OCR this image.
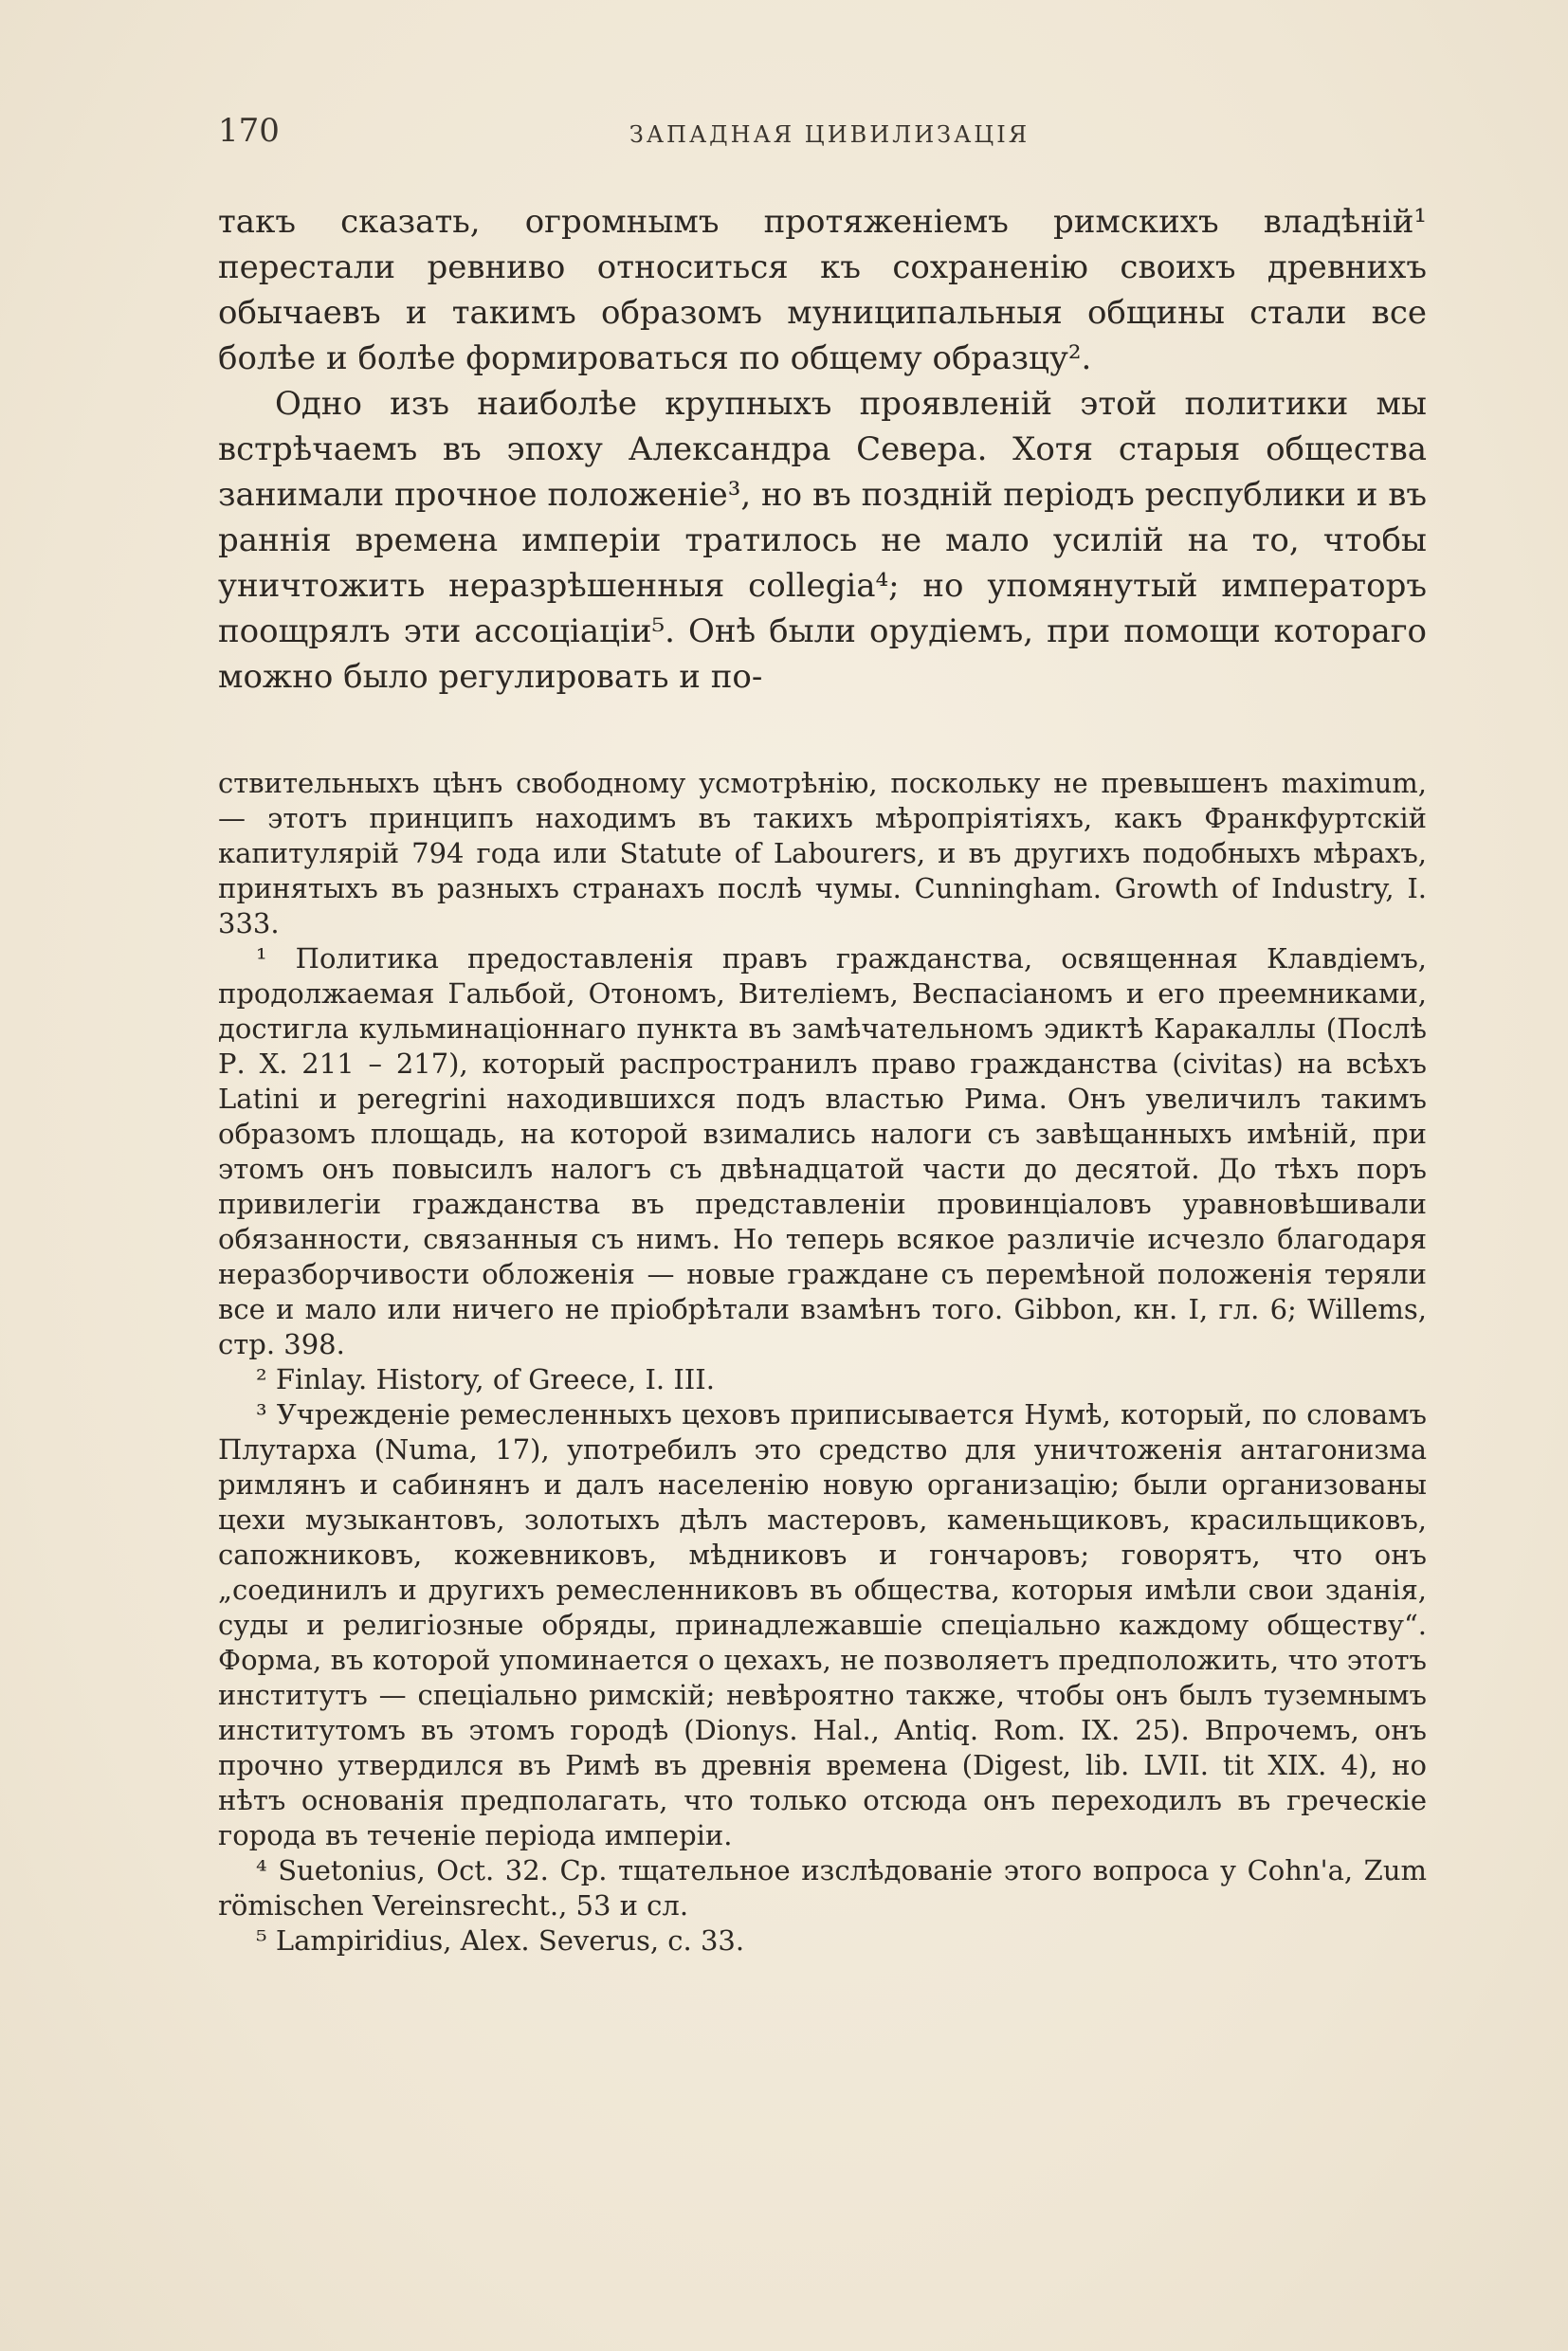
170	ЗАПАДНАЯ ЦИВИЛИЗАЦІЯ

такъ сказать, огромнымъ протяженіемъ римскихъ владѣній¹ перестали ревниво относиться къ сохраненію своихъ древнихъ обычаевъ и такимъ образомъ муниципальныя общины стали все болѣе и болѣе формироваться по общему образцу².

Одно изъ наиболѣе крупныхъ проявленій этой политики мы встрѣчаемъ въ эпоху Александра Севера. Хотя старыя общества занимали прочное положеніе³, но въ поздній періодъ республики и въ раннія времена имперіи тратилось не мало усилій на то, чтобы уничтожить неразрѣшенныя collegia⁴; но упомянутый императоръ поощрялъ эти ассоціаціи⁵. Онѣ были орудіемъ, при помощи котораго можно было регулировать и по-

ствительныхъ цѣнъ свободному усмотрѣнію, поскольку не превышенъ maximum, — этотъ принципъ находимъ въ такихъ мѣропріятіяхъ, какъ Франкфуртскій капитулярій 794 года или Statute of Labourers, и въ другихъ подобныхъ мѣрахъ, принятыхъ въ разныхъ странахъ послѣ чумы. Cunningham. Growth of Industry, I. 333.

¹ Политика предоставленія правъ гражданства, освященная Клавдіемъ, продолжаемая Гальбой, Отономъ, Вителіемъ, Веспасіаномъ и его преемниками, достигла кульминаціоннаго пункта въ замѣчательномъ эдиктѣ Каракаллы (Послѣ Р. Х. 211 – 217), который распространилъ право гражданства (civitas) на всѣхъ Latini и peregrini находившихся подъ властью Рима. Онъ увеличилъ такимъ образомъ площадь, на которой взимались налоги съ завѣщанныхъ имѣній, при этомъ онъ повысилъ налогъ съ двѣнадцатой части до десятой. До тѣхъ поръ привилегіи гражданства въ представленіи провинціаловъ уравновѣшивали обязанности, связанныя съ нимъ. Но теперь всякое различіе исчезло благодаря неразборчивости обложенія — новые граждане съ перемѣной положенія теряли все и мало или ничего не пріобрѣтали взамѣнъ того. Gibbon, кн. I, гл. 6; Willems, стр. 398.

² Finlay. History, of Greece, I. III.

³ Учрежденіе ремесленныхъ цеховъ приписывается Нумѣ, который, по словамъ Плутарха (Numa, 17), употребилъ это средство для уничтоженія антагонизма римлянъ и сабинянъ и далъ населенію новую организацію; были организованы цехи музыкантовъ, золотыхъ дѣлъ мастеровъ, каменьщиковъ, красильщиковъ, сапожниковъ, кожевниковъ, мѣдниковъ и гончаровъ; говорятъ, что онъ „соединилъ и другихъ ремесленниковъ въ общества, которыя имѣли свои зданія, суды и религіозные обряды, принадлежавшіе спеціально каждому обществу“. Форма, въ которой упоминается о цехахъ, не позволяетъ предположить, что этотъ институтъ — спеціально римскій; невѣроятно также, чтобы онъ былъ туземнымъ институтомъ въ этомъ городѣ (Dionys. Hal., Antiq. Rom. IX. 25). Впрочемъ, онъ прочно утвердился въ Римѣ въ древнія времена (Digest, lib. LVII. tit XIX. 4), но нѣтъ основанія предполагать, что только отсюда онъ переходилъ въ греческіе города въ теченіе періода имперіи.

⁴ Suetonius, Oct. 32. Ср. тщательное изслѣдованіе этого вопроса у Cohn'a, Zum römischen Vereinsrecht., 53 и сл.

⁵ Lampiridius, Alex. Severus, c. 33.
